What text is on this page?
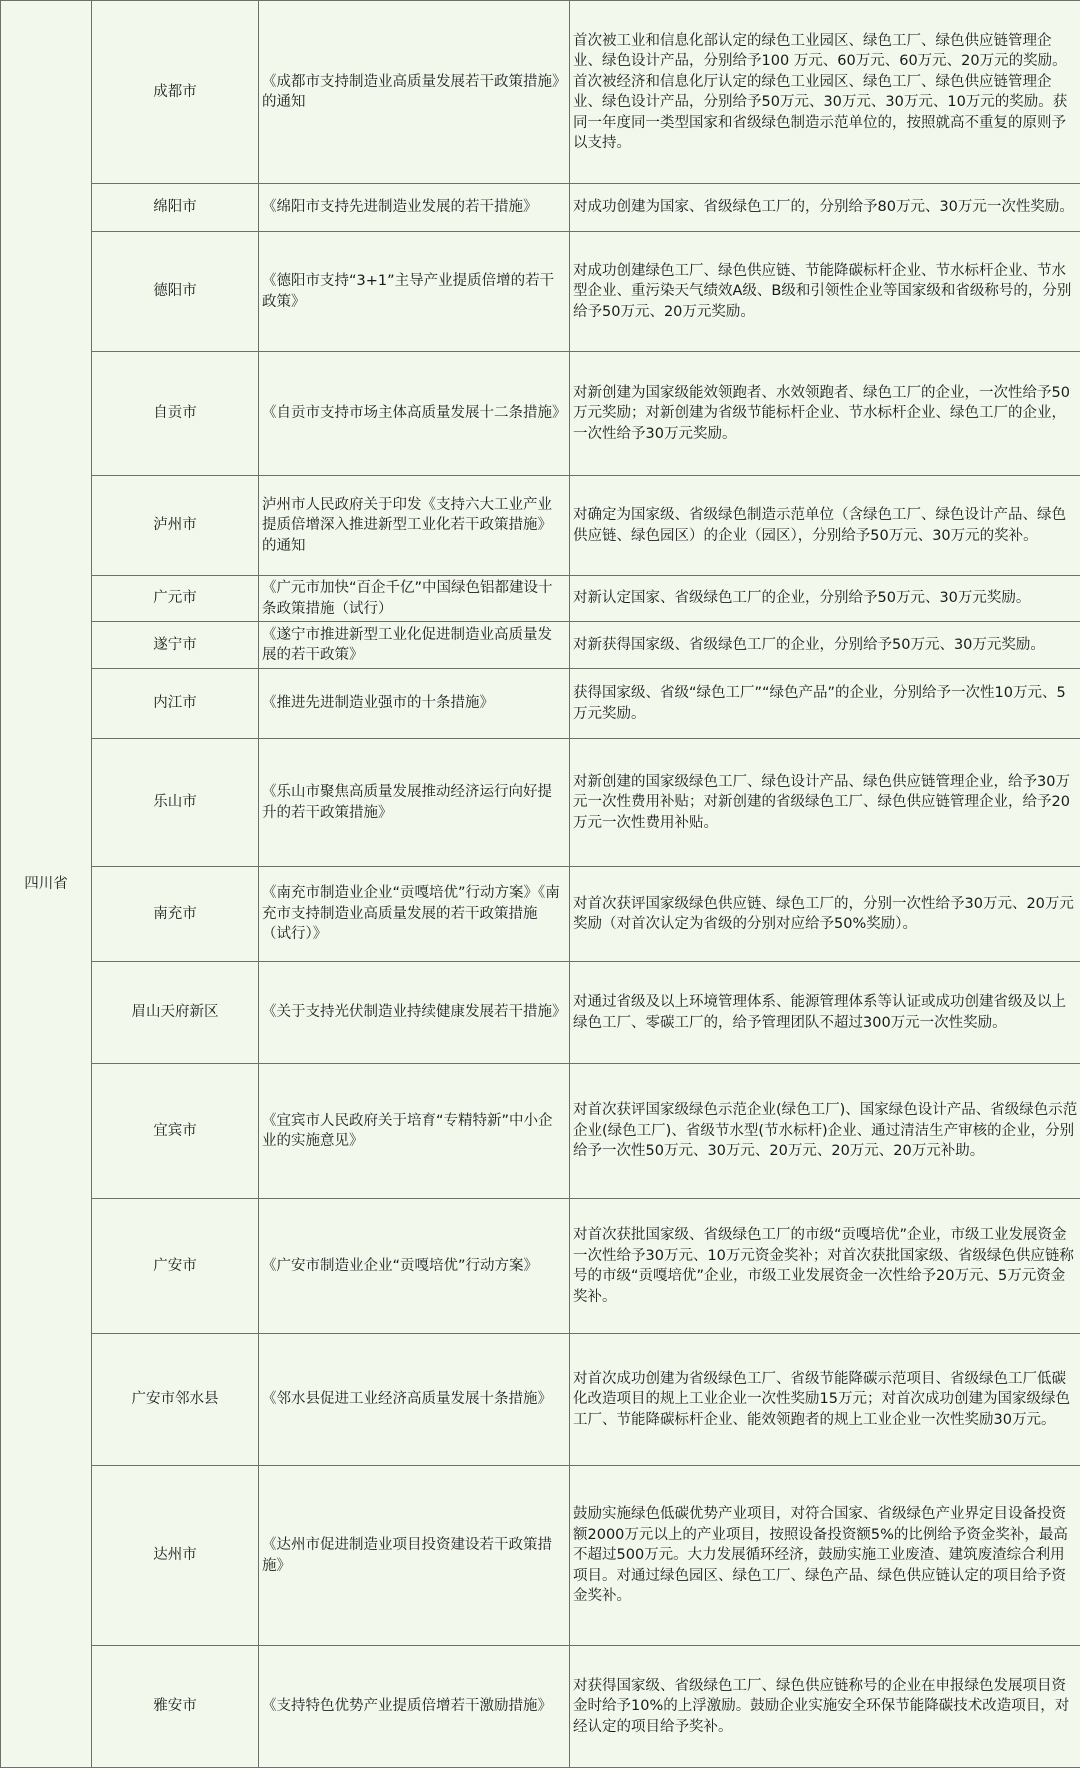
四川省	成都市	《成都市支持制造业高质量发展若干政策措施》的通知	首次被工业和信息化部认定的绿色工业园区、绿色工厂、绿色供应链管理企业、绿色设计产品，分别给予100 万元、60万元、60万元、20万元的奖励。首次被经济和信息化厅认定的绿色工业园区、绿色工厂、绿色供应链管理企业、绿色设计产品，分别给予50万元、30万元、30万元、10万元的奖励。获同一年度同一类型国家和省级绿色制造示范单位的，按照就高不重复的原则予以支持。
	绵阳市	《绵阳市支持先进制造业发展的若干措施》	对成功创建为国家、省级绿色工厂的，分别给予80万元、30万元一次性奖励。
	德阳市	《德阳市支持“3+1”主导产业提质倍增的若干政策》	对成功创建绿色工厂、绿色供应链、节能降碳标杆企业、节水标杆企业、节水型企业、重污染天气绩效A级、B级和引领性企业等国家级和省级称号的，分别给予50万元、20万元奖励。
	自贡市	《自贡市支持市场主体高质量发展十二条措施》	对新创建为国家级能效领跑者、水效领跑者、绿色工厂的企业，一次性给予50万元奖励；对新创建为省级节能标杆企业、节水标杆企业、绿色工厂的企业，一次性给予30万元奖励。
	泸州市	泸州市人民政府关于印发《支持六大工业产业提质倍增深入推进新型工业化若干政策措施》的通知	对确定为国家级、省级绿色制造示范单位（含绿色工厂、绿色设计产品、绿色供应链、绿色园区）的企业（园区），分别给予50万元、30万元的奖补。
	广元市	《广元市加快“百企千亿”中国绿色铝都建设十条政策措施（试行）	对新认定国家、省级绿色工厂的企业，分别给予50万元、30万元奖励。
	遂宁市	《遂宁市推进新型工业化促进制造业高质量发展的若干政策》	对新获得国家级、省级绿色工厂的企业，分别给予50万元、30万元奖励。
	内江市	《推进先进制造业强市的十条措施》	获得国家级、省级“绿色工厂”“绿色产品”的企业，分别给予一次性10万元、5万元奖励。
	乐山市	《乐山市聚焦高质量发展推动经济运行向好提升的若干政策措施》	对新创建的国家级绿色工厂、绿色设计产品、绿色供应链管理企业，给予30万元一次性费用补贴；对新创建的省级绿色工厂、绿色供应链管理企业，给予20万元一次性费用补贴。
	南充市	《南充市制造业企业“贡嘎培优”行动方案》《南充市支持制造业高质量发展的若干政策措施（试行）》	对首次获评国家级绿色供应链、绿色工厂的，分别一次性给予30万元、20万元奖励（对首次认定为省级的分别对应给予50%奖励）。
	眉山天府新区	《关于支持光伏制造业持续健康发展若干措施》	对通过省级及以上环境管理体系、能源管理体系等认证或成功创建省级及以上绿色工厂、零碳工厂的，给予管理团队不超过300万元一次性奖励。
	宜宾市	《宜宾市人民政府关于培育“专精特新”中小企业的实施意见》	对首次获评国家级绿色示范企业(绿色工厂)、国家绿色设计产品、省级绿色示范企业(绿色工厂)、省级节水型(节水标杆)企业、通过清洁生产审核的企业，分别给予一次性50万元、30万元、20万元、20万元、20万元补助。
	广安市	《广安市制造业企业“贡嘎培优”行动方案》	对首次获批国家级、省级绿色工厂的市级“贡嘎培优”企业，市级工业发展资金一次性给予30万元、10万元资金奖补；对首次获批国家级、省级绿色供应链称号的市级“贡嘎培优”企业，市级工业发展资金一次性给予20万元、5万元资金奖补。
	广安市邻水县	《邻水县促进工业经济高质量发展十条措施》	对首次成功创建为省级绿色工厂、省级节能降碳示范项目、省级绿色工厂低碳化改造项目的规上工业企业一次性奖励15万元；对首次成功创建为国家级绿色工厂、节能降碳标杆企业、能效领跑者的规上工业企业一次性奖励30万元。
	达州市	《达州市促进制造业项目投资建设若干政策措施》	鼓励实施绿色低碳优势产业项目，对符合国家、省级绿色产业界定目设备投资额2000万元以上的产业项目，按照设备投资额5%的比例给予资金奖补，最高不超过500万元。大力发展循环经济，鼓励实施工业废渣、建筑废渣综合利用项目。对通过绿色园区、绿色工厂、绿色产品、绿色供应链认定的项目给予资金奖补。
	雅安市	《支持特色优势产业提质倍增若干激励措施》	对获得国家级、省级绿色工厂、绿色供应链称号的企业在申报绿色发展项目资金时给予10%的上浮激励。鼓励企业实施安全环保节能降碳技术改造项目，对经认定的项目给予奖补。
